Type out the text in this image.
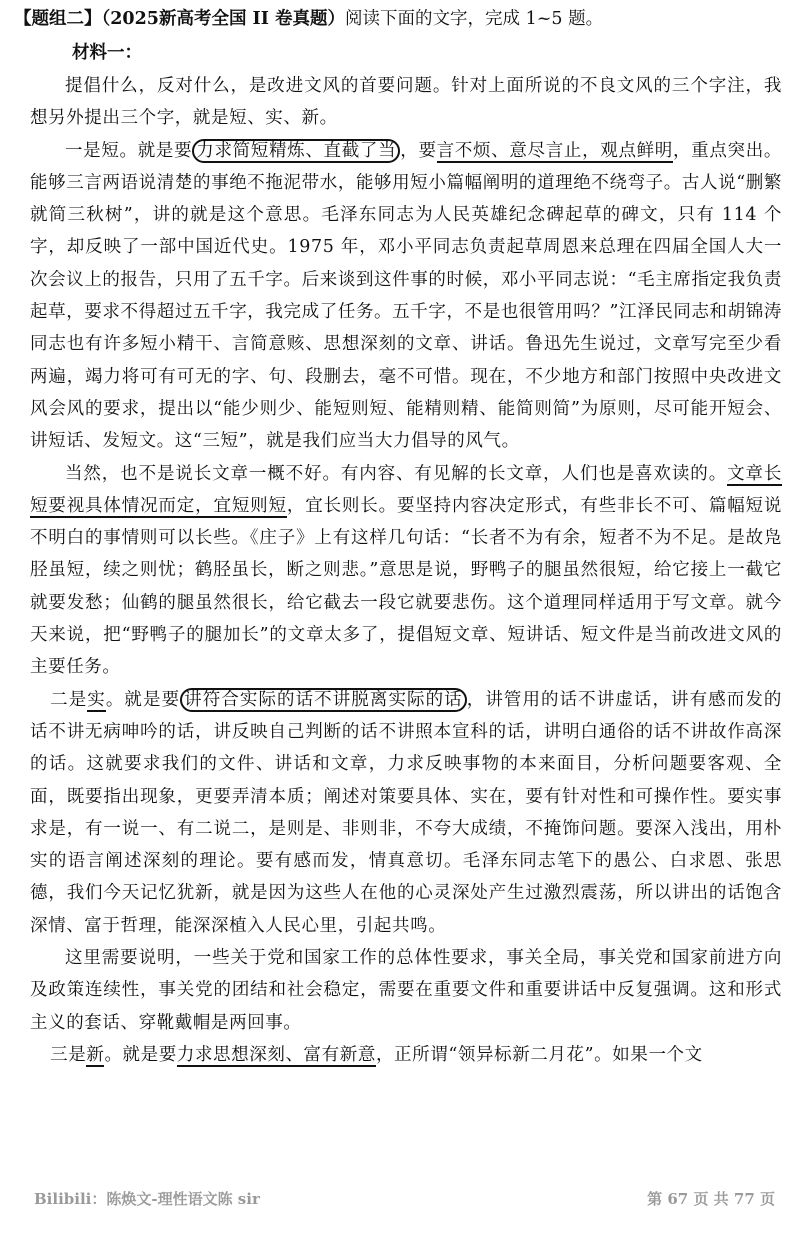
【题组二】（2025新高考全国 II 卷真题）阅读下面的文字，完成 1~5 题。
材料一：

提倡什么，反对什么，是改进文风的首要问题。针对上面所说的不良文风的三个字注，我想另外提出三个字，就是短、实、新。

一是短。就是要 力求简短精炼、直截了当 ，要言不烦、意尽言止，观点鲜明，重点突出。能够三言两语说清楚的事绝不拖泥带水，能够用短小篇幅阐明的道理绝不绕弯子。古人说“删繁就简三秋树”，讲的就是这个意思。毛泽东同志为人民英雄纪念碑起草的碑文，只有 114 个字，却反映了一部中国近代史。1975 年，邓小平同志负责起草周恩来总理在四届全国人大一次会议上的报告，只用了五千字。后来谈到这件事的时候，邓小平同志说：“毛主席指定我负责起草，要求不得超过五千字，我完成了任务。五千字，不是也很管用吗？”江泽民同志和胡锦涛同志也有许多短小精干、言简意赅、思想深刻的文章、讲话。鲁迅先生说过，文章写完至少看两遍，竭力将可有可无的字、句、段删去，毫不可惜。现在，不少地方和部门按照中央改进文风会风的要求，提出以“能少则少、能短则短、能精则精、能简则简”为原则，尽可能开短会、讲短话、发短文。这“三短”，就是我们应当大力倡导的风气。

当然，也不是说长文章一概不好。有内容、有见解的长文章，人们也是喜欢读的。文章长短要视具体情况而定，宜短则短，宜长则长。要坚持内容决定形式，有些非长不可、篇幅短说不明白的事情则可以长些。《庄子》上有这样几句话：“长者不为有余，短者不为不足。是故凫胫虽短，续之则忧；鹤胫虽长，断之则悲。”意思是说，野鸭子的腿虽然很短，给它接上一截它就要发愁；仙鹤的腿虽然很长，给它截去一段它就要悲伤。这个道理同样适用于写文章。就今天来说，把“野鸭子的腿加长”的文章太多了，提倡短文章、短讲话、短文件是当前改进文风的主要任务。

二是实。就是要 讲符合实际的话不讲脱离实际的话 ，讲管用的话不讲虚话，讲有感而发的话不讲无病呻吟的话，讲反映自己判断的话不讲照本宣科的话，讲明白通俗的话不讲故作高深的话。这就要求我们的文件、讲话和文章，力求反映事物的本来面目，分析问题要客观、全面，既要指出现象，更要弄清本质；阐述对策要具体、实在，要有针对性和可操作性。要实事求是，有一说一、有二说二，是则是、非则非，不夸大成绩，不掩饰问题。要深入浅出，用朴实的语言阐述深刻的理论。要有感而发，情真意切。毛泽东同志笔下的愚公、白求恩、张思德，我们今天记忆犹新，就是因为这些人在他的心灵深处产生过激烈震荡，所以讲出的话饱含深情、富于哲理，能深深植入人民心里，引起共鸣。

这里需要说明，一些关于党和国家工作的总体性要求，事关全局，事关党和国家前进方向及政策连续性，事关党的团结和社会稳定，需要在重要文件和重要讲话中反复强调。这和形式主义的套话、穿靴戴帽是两回事。

三是新。就是要力求思想深刻、富有新意，正所谓“领异标新二月花”。如果一个文

Bilibili：陈焕文-理性语文陈 sir	第 67 页 共 77 页
